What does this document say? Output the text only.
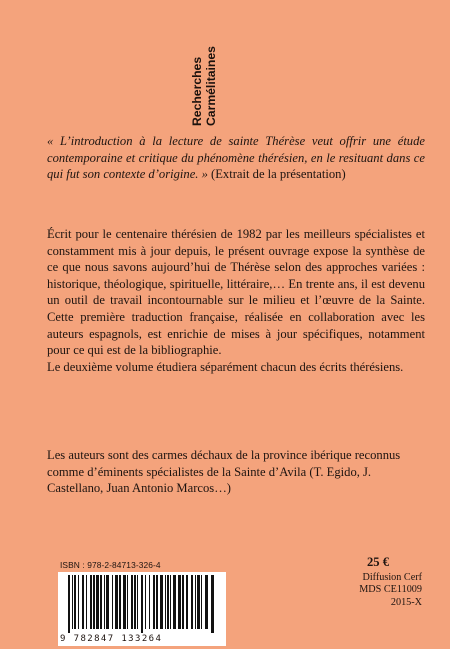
Recherches Carmélitaines
« L’introduction à la lecture de sainte Thérèse veut offrir une étude contemporaine et critique du phénomène thérésien, en le resituant dans ce qui fut son contexte d’origine. » (Extrait de la présentation)

Écrit pour le centenaire thérésien de 1982 par les meilleurs spécialistes et constamment mis à jour depuis, le présent ouvrage expose la synthèse de ce que nous savons aujourd’hui de Thérèse selon des approches variées : historique, théologique, spirituelle, littéraire,… En trente ans, il est devenu un outil de travail incontournable sur le milieu et l’œuvre de la Sainte. Cette première traduction française, réalisée en collaboration avec les auteurs espagnols, est enrichie de mises à jour spécifiques, notamment pour ce qui est de la bibliographie.

Le deuxième volume étudiera séparément chacun des écrits thérésiens.

Les auteurs sont des carmes déchaux de la province ibérique reconnus comme d’éminents spécialistes de la Sainte d’Avila (T. Egido, J. Castellano, Juan Antonio Marcos…)
ISBN : 978-2-84713-326-4
9 782847 133264
25 €
Diffusion Cerf
MDS CE11009
2015-X
